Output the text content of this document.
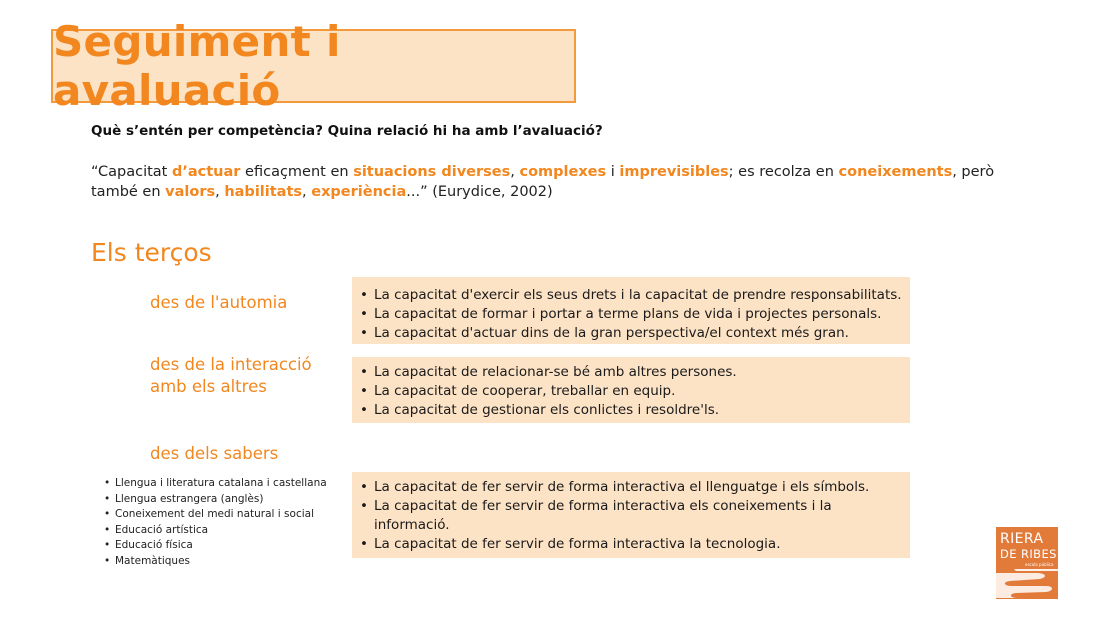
Seguiment i avaluació
Què s’entén per competència? Quina relació hi ha amb l’avaluació?
“Capacitat d’actuar eficaçment en situacions diverses, complexes i imprevisibles; es recolza en coneixements, però també en valors, habilitats, experiència...” (Eurydice, 2002)
Els terços
des de l'automia
•	La capacitat d'exercir els seus drets i la capacitat de prendre responsabilitats.
• La capacitat de formar i portar a terme plans de vida i projectes personals.
• La capacitat d'actuar dins de la gran perspectiva/el context més gran.
des de la interacció
amb els altres
• La capacitat de relacionar-se bé amb altres persones.
• La capacitat de cooperar, treballar en equip.
• La capacitat de gestionar els conlictes i resoldre'ls.
des dels sabers
• Llengua i literatura catalana i castellana
• Llengua estrangera (anglès)
• Coneixement del medi natural i social
• Educació artística
• Educació física
• Matemàtiques
• La capacitat de fer servir de forma interactiva el llenguatge i els símbols.
• La capacitat de fer servir de forma interactiva els coneixements i la informació.
• La capacitat de fer servir de forma interactiva la tecnologia.	RIERA
DE RIBES
escola pública
